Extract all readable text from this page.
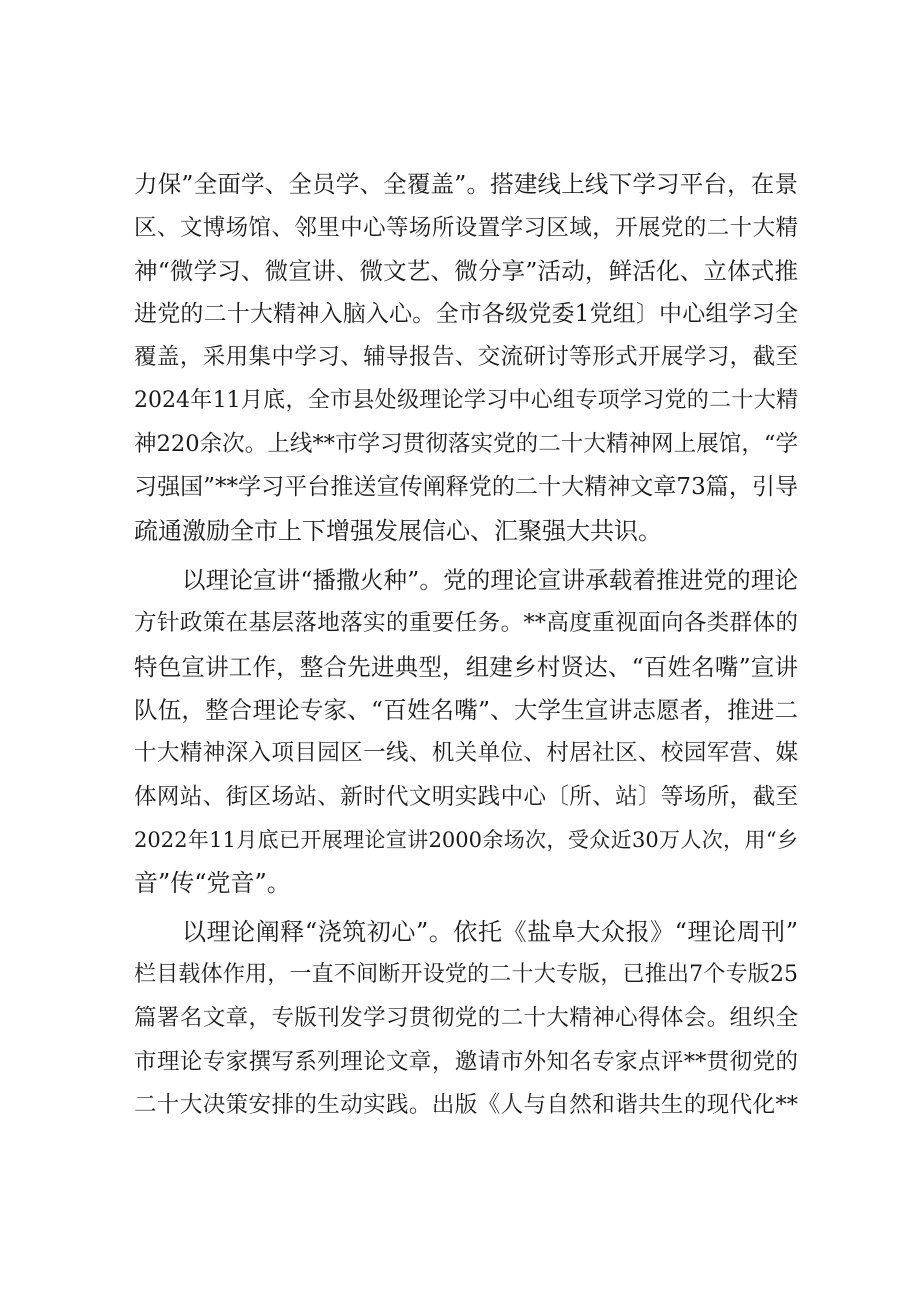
力保”全面学、全员学、全覆盖”。搭建线上线下学习平台，在景
区、文博场馆、邻里中心等场所设置学习区域，开展党的二十大精
神“微学习、微宣讲、微文艺、微分享”活动，鲜活化、立体式推
进党的二十大精神入脑入心。全市各级党委1党组〕中心组学习全
覆盖，采用集中学习、辅导报告、交流研讨等形式开展学习，截至
2024年11月底，全市县处级理论学习中心组专项学习党的二十大精
神220余次。上线**市学习贯彻落实党的二十大精神网上展馆，“学
习强国”**学习平台推送宣传阐释党的二十大精神文章73篇，引导
疏通激励全市上下增强发展信心、汇聚强大共识。
以理论宣讲“播撒火种”。党的理论宣讲承载着推进党的理论
方针政策在基层落地落实的重要任务。**高度重视面向各类群体的
特色宣讲工作，整合先进典型，组建乡村贤达、“百姓名嘴”宣讲
队伍，整合理论专家、“百姓名嘴”、大学生宣讲志愿者，推进二
十大精神深入项目园区一线、机关单位、村居社区、校园军营、媒
体网站、街区场站、新时代文明实践中心〔所、站〕等场所，截至
2022年11月底已开展理论宣讲2000余场次，受众近30万人次，用“乡
音”传“党音”。
以理论阐释“浇筑初心”。依托《盐阜大众报》“理论周刊”
栏目载体作用，一直不间断开设党的二十大专版，已推出7个专版25
篇署名文章，专版刊发学习贯彻党的二十大精神心得体会。组织全
市理论专家撰写系列理论文章，邀请市外知名专家点评**贯彻党的
二十大决策安排的生动实践。出版《人与自然和谐共生的现代化**
